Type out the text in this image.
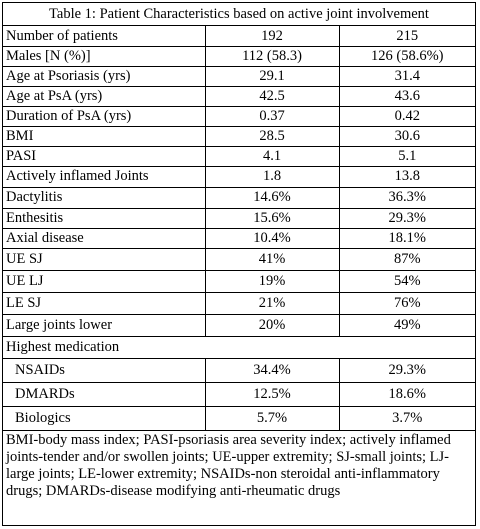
Table 1: Patient Characteristics based on active joint involvement
Number of patients	192	215
Males [N (%)]	112 (58.3)	126 (58.6%)
Age at Psoriasis (yrs)	29.1	31.4
Age at PsA (yrs)	42.5	43.6
Duration of PsA (yrs)	0.37	0.42
BMI	28.5	30.6
PASI	4.1	5.1
Actively inflamed Joints	1.8	13.8
Dactylitis	14.6%	36.3%
Enthesitis	15.6%	29.3%
Axial disease	10.4%	18.1%
UE SJ	41%	87%
UE LJ	19%	54%
LE SJ	21%	76%
Large joints lower	20%	49%
Highest medication		
NSAIDs	34.4%	29.3%
DMARDs	12.5%	18.6%
Biologics	5.7%	3.7%
BMI-body mass index; PASI-psoriasis area severity index; actively inflamed joints-tender and/or swollen joints; UE-upper extremity; SJ-small joints; LJ- large joints; LE-lower extremity; NSAIDs-non steroidal anti-inflammatory drugs; DMARDs-disease modifying anti-rheumatic drugs
